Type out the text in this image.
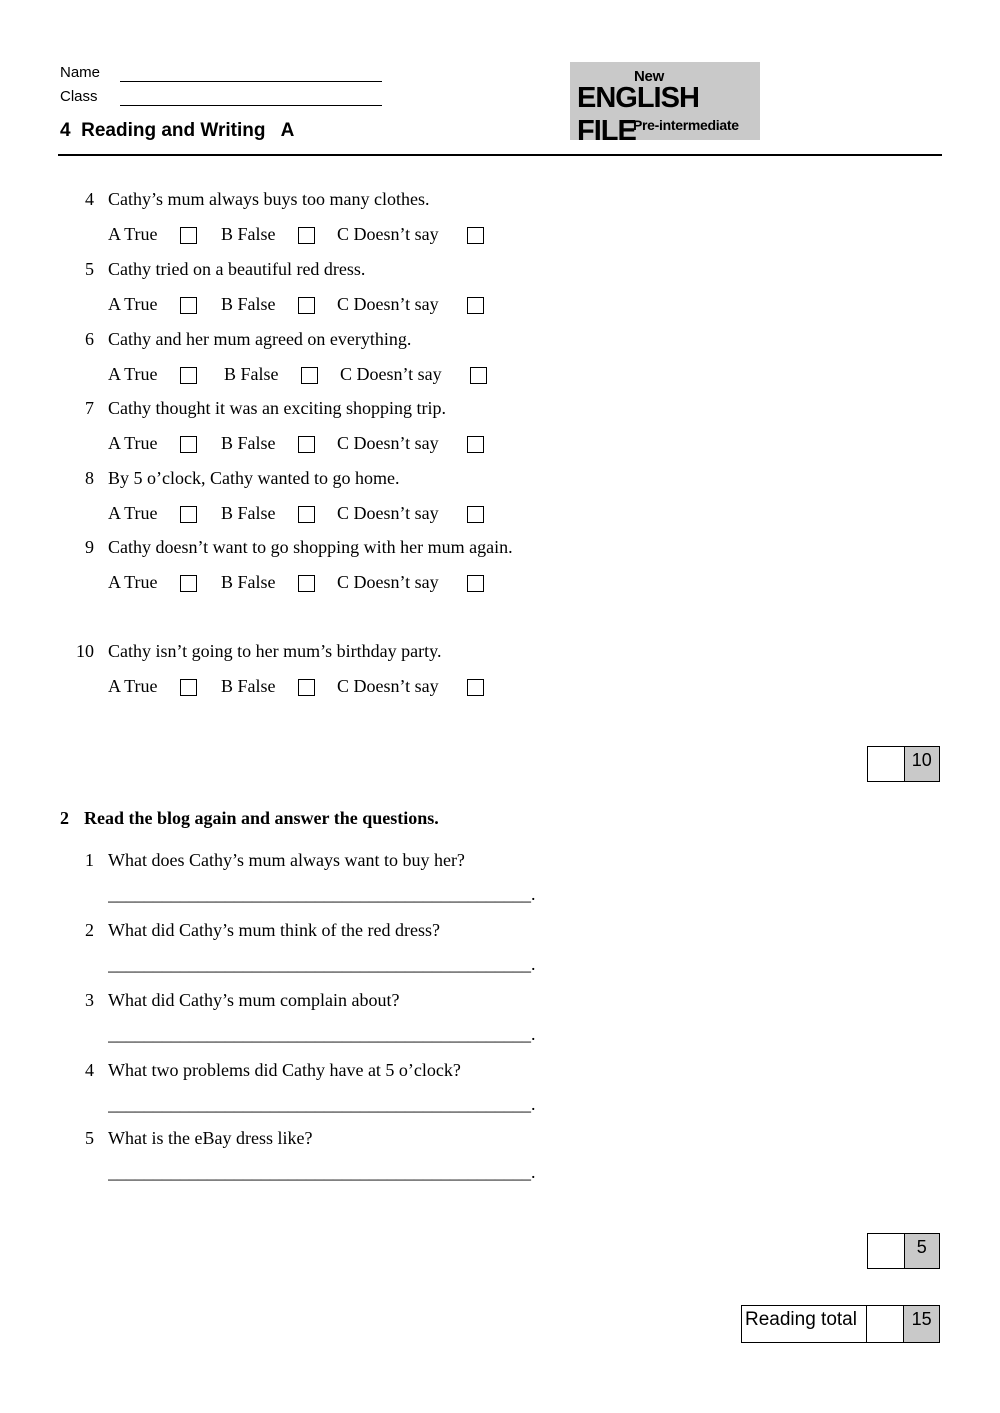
Name
Class
4  Reading and Writing   A
New
ENGLISH FILE
Pre-intermediate
4 Cathy’s mum always buys too many clothes.
A True	B False	C Doesn’t say
5 Cathy tried on a beautiful red dress.
A True	B False	C Doesn’t say
6 Cathy and her mum agreed on everything.
A True	B False	C Doesn’t say
7 Cathy thought it was an exciting shopping trip.
A True	B False	C Doesn’t say
8 By 5 o’clock, Cathy wanted to go home.
A True	B False	C Doesn’t say
9 Cathy doesn’t want to go shopping with her mum again.
A True	B False	C Doesn’t say
10 Cathy isn’t going to her mum’s birthday party.
A True	B False	C Doesn’t say
10
2 Read the blog again and answer the questions.
1 What does Cathy’s mum always want to buy her?
_______________________________________________.
2 What did Cathy’s mum think of the red dress?
_______________________________________________.
3 What did Cathy’s mum complain about?
_______________________________________________.
4 What two problems did Cathy have at 5 o’clock?
_______________________________________________.
5 What is the eBay dress like?
_______________________________________________.
5
Reading total	15
